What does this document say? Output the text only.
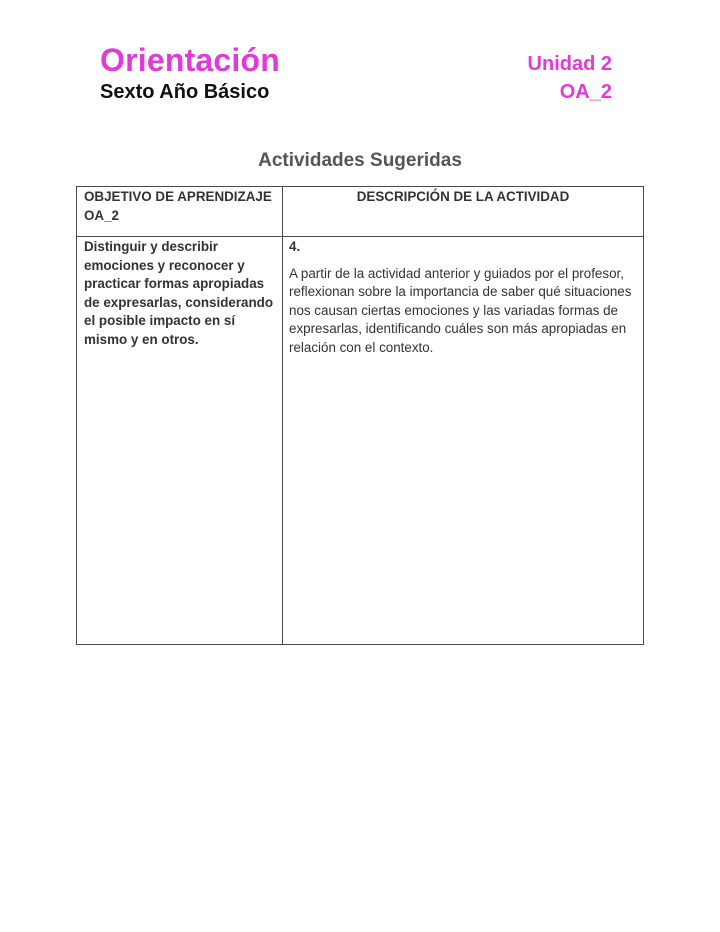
Orientación
Sexto Año Básico
Unidad 2
OA_2
Actividades Sugeridas
OBJETIVO DE APRENDIZAJE OA_2	DESCRIPCIÓN DE LA ACTIVIDAD
Distinguir y describir emociones y reconocer y practicar formas apropiadas de expresarlas, considerando el posible impacto en sí mismo y en otros.	4.
A partir de la actividad anterior y guiados por el profesor, reflexionan sobre la importancia de saber qué situaciones nos causan ciertas emociones y las variadas formas de expresarlas, identificando cuáles son más apropiadas en relación con el contexto.
